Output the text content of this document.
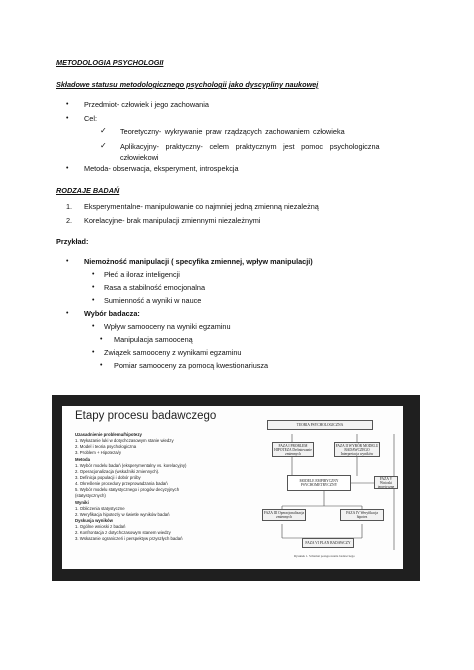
METODOLOGIA PSYCHOLOGII
Składowe statusu metodologicznego psychologii jako dyscypliny naukowej
• Przedmiot- człowiek i jego zachowania
• Cel:
✓ Teoretyczny- wykrywanie praw rządzących zachowaniem człowieka
✓ Aplikacyjny- praktyczny- celem praktycznym jest pomoc psychologiczna
człowiekowi
• Metoda- obserwacja, eksperyment, introspekcja
RODZAJE BADAŃ
1. Eksperymentalne- manipulowanie co najmniej jedną zmienną niezależną
2. Korelacyjne- brak manipulacji zmiennymi niezależnymi
Przykład:
• Niemożność manipulacji ( specyfika zmiennej, wpływ manipulacji)
• Płeć a iloraz inteligencji
• Rasa a stabilność emocjonalna
• Sumienność a wyniki w nauce
• Wybór badacza:
• Wpływ samooceny na wyniki egzaminu
• Manipulacja samooceną
• Związek samooceny z wynikami egzaminu
• Pomiar samooceny za pomocą kwestionariusza
Etapy procesu badawczego
Uzasadnienie problemu/hipotezy
1. Wykazanie luki w dotychczasowym stanie wiedzy
2. Model i teoria psychologiczna
3. Problem + Hipoteza/y
Metoda
1. Wybór modelu badań (eksperymentalny vs. korelacyjny)
2. Operacjonalizacja (wskaźniki zmiennych).
3. Definicja populacji i dobór próby
4. Określenie procedury przeprowadzania badań
5. Wybór modelu statystycznego i progów decyzyjnych
(statystycznych)
Wyniki
1. Obliczenia statystyczne
2. Weryfikacja hipotez/y w świetle wyników badań
Dyskusja wyników
1. Ogólne wnioski z badań
2. Konfrontacja z dotychczasowym stanem wiedzy
3. Wskazanie ograniczeń i perspektyw przyszłych badań
TEORIA PSYCHOLOGICZNA
FAZA I PROBLEM HIPOTEZA Definiowanie zmiennych
FAZA II WYBÓR MODELU BADAWCZEGO Interpretacja wyników
MODELE EMPIRYCZNY PSYCHOMETRYCZNY
FAZA V Wnioski teoretyczne
FAZA III Operacjonalizacja zmiennych
FAZA IV Weryfikacja hipotez
FAZA VI PLAN BADAWCZY
Rysunek 1. Schemat postępowania badawczego
